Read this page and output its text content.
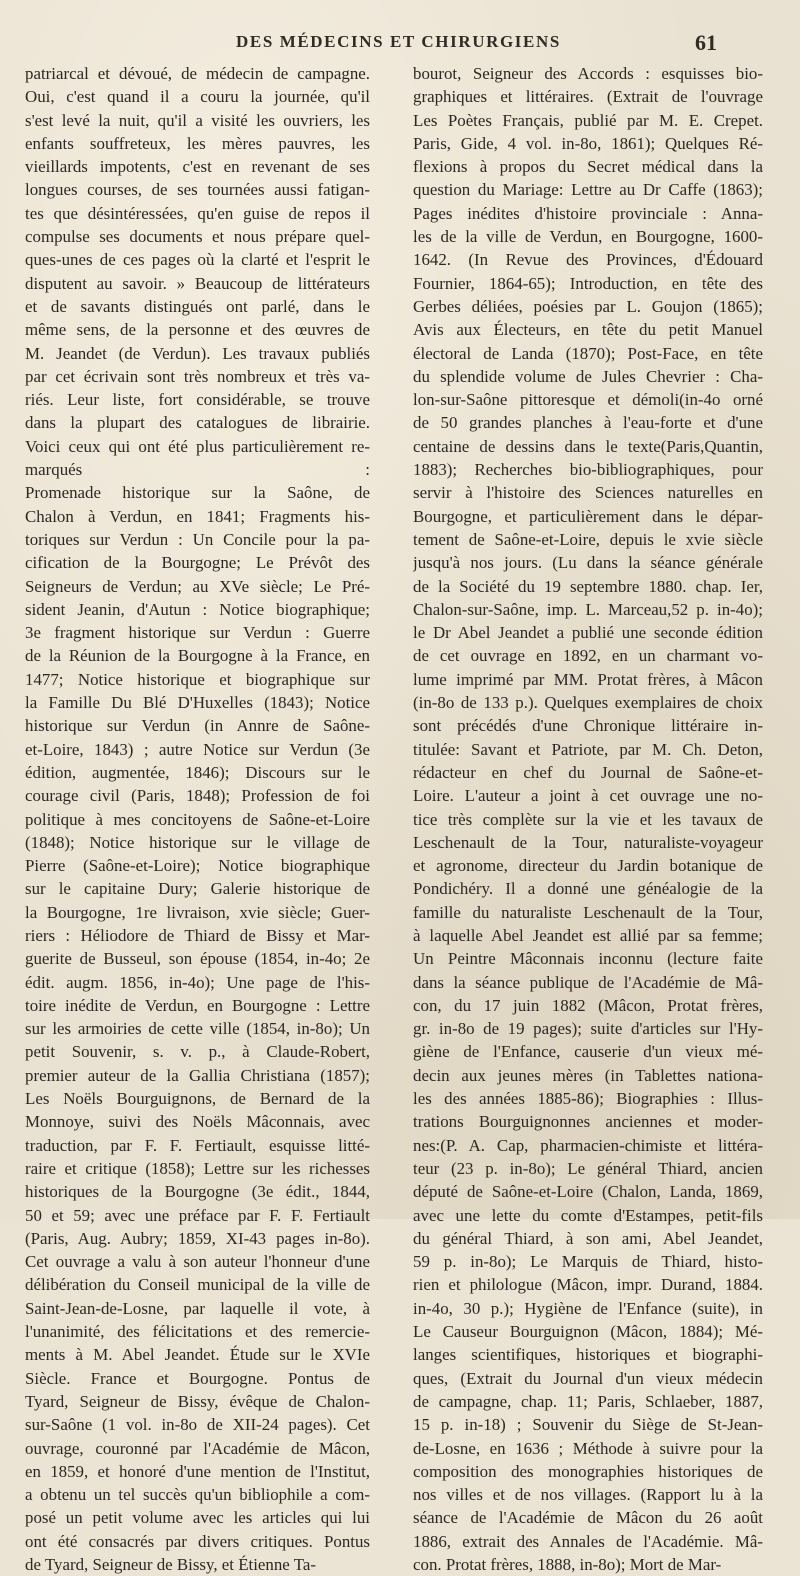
DES MÉDECINS ET CHIRURGIENS	61
patriarcal et dévoué, de médecin de campagne.
Oui, c'est quand il a couru la journée, qu'il
s'est levé la nuit, qu'il a visité les ouvriers, les
enfants souffreteux, les mères pauvres, les
vieillards impotents, c'est en revenant de ses
longues courses, de ses tournées aussi fatigan-
tes que désintéressées, qu'en guise de repos il
compulse ses documents et nous prépare quel-
ques-unes de ces pages où la clarté et l'esprit le
disputent au savoir. » Beaucoup de littérateurs
et de savants distingués ont parlé, dans le
même sens, de la personne et des œuvres de
M. Jeandet (de Verdun). Les travaux publiés
par cet écrivain sont très nombreux et très va-
riés. Leur liste, fort considérable, se trouve
dans la plupart des catalogues de librairie.
Voici ceux qui ont été plus particulièrement re-
marqués :
Promenade historique sur la Saône, de
Chalon à Verdun, en 1841; Fragments his-
toriques sur Verdun : Un Concile pour la pa-
cification de la Bourgogne; Le Prévôt des
Seigneurs de Verdun; au XVe siècle; Le Pré-
sident Jeanin, d'Autun : Notice biographique;
3e fragment historique sur Verdun : Guerre
de la Réunion de la Bourgogne à la France, en
1477; Notice historique et biographique sur
la Famille Du Blé D'Huxelles (1843); Notice
historique sur Verdun (in Annre de Saône-
et-Loire, 1843) ; autre Notice sur Verdun (3e
édition, augmentée, 1846); Discours sur le
courage civil (Paris, 1848); Profession de foi
politique à mes concitoyens de Saône-et-Loire
(1848); Notice historique sur le village de
Pierre (Saône-et-Loire); Notice biographique
sur le capitaine Dury; Galerie historique de
la Bourgogne, 1re livraison, xvie siècle; Guer-
riers : Héliodore de Thiard de Bissy et Mar-
guerite de Busseul, son épouse (1854, in-4o; 2e
édit. augm. 1856, in-4o); Une page de l'his-
toire inédite de Verdun, en Bourgogne : Lettre
sur les armoiries de cette ville (1854, in-8o); Un
petit Souvenir, s. v. p., à Claude-Robert,
premier auteur de la Gallia Christiana (1857);
Les Noëls Bourguignons, de Bernard de la
Monnoye, suivi des Noëls Mâconnais, avec
traduction, par F. F. Fertiault, esquisse litté-
raire et critique (1858); Lettre sur les richesses
historiques de la Bourgogne (3e édit., 1844,
50 et 59; avec une préface par F. F. Fertiault
(Paris, Aug. Aubry; 1859, XI-43 pages in-8o).
Cet ouvrage a valu à son auteur l'honneur d'une
délibération du Conseil municipal de la ville de
Saint-Jean-de-Losne, par laquelle il vote, à
l'unanimité, des félicitations et des remercie-
ments à M. Abel Jeandet. Étude sur le XVIe
Siècle. France et Bourgogne. Pontus de
Tyard, Seigneur de Bissy, évêque de Chalon-
sur-Saône (1 vol. in-8o de XII-24 pages). Cet
ouvrage, couronné par l'Académie de Mâcon,
en 1859, et honoré d'une mention de l'Institut,
a obtenu un tel succès qu'un bibliophile a com-
posé un petit volume avec les articles qui lui
ont été consacrés par divers critiques. Pontus
de Tyard, Seigneur de Bissy, et Étienne Ta-
bourot, Seigneur des Accords : esquisses bio-
graphiques et littéraires. (Extrait de l'ouvrage
Les Poètes Français, publié par M. E. Crepet.
Paris, Gide, 4 vol. in-8o, 1861); Quelques Ré-
flexions à propos du Secret médical dans la
question du Mariage: Lettre au Dr Caffe (1863);
Pages inédites d'histoire provinciale : Anna-
les de la ville de Verdun, en Bourgogne, 1600-
1642. (In Revue des Provinces, d'Édouard
Fournier, 1864-65); Introduction, en tête des
Gerbes déliées, poésies par L. Goujon (1865);
Avis aux Électeurs, en tête du petit Manuel
électoral de Landa (1870); Post-Face, en tête
du splendide volume de Jules Chevrier : Cha-
lon-sur-Saône pittoresque et démoli(in-4o orné
de 50 grandes planches à l'eau-forte et d'une
centaine de dessins dans le texte(Paris,Quantin,
1883); Recherches bio-bibliographiques, pour
servir à l'histoire des Sciences naturelles en
Bourgogne, et particulièrement dans le dépar-
tement de Saône-et-Loire, depuis le xvie siècle
jusqu'à nos jours. (Lu dans la séance générale
de la Société du 19 septembre 1880. chap. Ier,
Chalon-sur-Saône, imp. L. Marceau,52 p. in-4o);
le Dr Abel Jeandet a publié une seconde édition
de cet ouvrage en 1892, en un charmant vo-
lume imprimé par MM. Protat frères, à Mâcon
(in-8o de 133 p.). Quelques exemplaires de choix
sont précédés d'une Chronique littéraire in-
titulée: Savant et Patriote, par M. Ch. Deton,
rédacteur en chef du Journal de Saône-et-
Loire. L'auteur a joint à cet ouvrage une no-
tice très complète sur la vie et les tavaux de
Leschenault de la Tour, naturaliste-voyageur
et agronome, directeur du Jardin botanique de
Pondichéry. Il a donné une généalogie de la
famille du naturaliste Leschenault de la Tour,
à laquelle Abel Jeandet est allié par sa femme;
Un Peintre Mâconnais inconnu (lecture faite
dans la séance publique de l'Académie de Mâ-
con, du 17 juin 1882 (Mâcon, Protat frères,
gr. in-8o de 19 pages); suite d'articles sur l'Hy-
giène de l'Enfance, causerie d'un vieux mé-
decin aux jeunes mères (in Tablettes nationa-
les des années 1885-86); Biographies : Illus-
trations Bourguignonnes anciennes et moder-
nes:(P. A. Cap, pharmacien-chimiste et littéra-
teur (23 p. in-8o); Le général Thiard, ancien
député de Saône-et-Loire (Chalon, Landa, 1869,
avec une lette du comte d'Estampes, petit-fils
du général Thiard, à son ami, Abel Jeandet,
59 p. in-8o); Le Marquis de Thiard, histo-
rien et philologue (Mâcon, impr. Durand, 1884.
in-4o, 30 p.); Hygiène de l'Enfance (suite), in
Le Causeur Bourguignon (Mâcon, 1884); Mé-
langes scientifiques, historiques et biographi-
ques, (Extrait du Journal d'un vieux médecin
de campagne, chap. 11; Paris, Schlaeber, 1887,
15 p. in-18) ; Souvenir du Siège de St-Jean-
de-Losne, en 1636 ; Méthode à suivre pour la
composition des monographies historiques de
nos villes et de nos villages. (Rapport lu à la
séance de l'Académie de Mâcon du 26 août
1886, extrait des Annales de l'Académie. Mâ-
con. Protat frères, 1888, in-8o); Mort de Mar-
